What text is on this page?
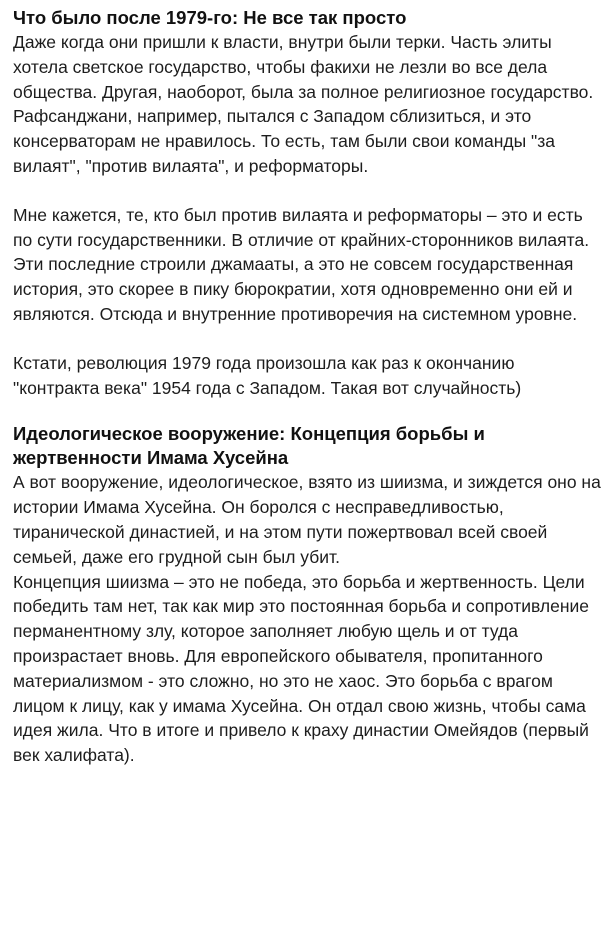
Что было после 1979-го: Не все так просто

Даже когда они пришли к власти, внутри были терки. Часть элиты хотела светское государство, чтобы факихи не лезли во все дела общества. Другая, наоборот, была за полное религиозное государство. Рафсанджани, например, пытался с Западом сблизиться, и это консерваторам не нравилось. То есть, там были свои команды "за вилаят", "против вилаята", и реформаторы.

Мне кажется, те, кто был против вилаята и реформаторы – это и есть по сути государственники. В отличие от крайних-сторонников вилаята. Эти последние строили джамааты, а это не совсем государственная история, это скорее в пику бюрократии, хотя одновременно они ей и являются. Отсюда и внутренние противоречия на системном уровне.

Кстати, революция 1979 года произошла как раз к окончанию "контракта века" 1954 года с Западом. Такая вот случайность)

Идеологическое вооружение: Концепция борьбы и жертвенности Имама Хусейна

А вот вооружение, идеологическое, взято из шиизма, и зиждется оно на истории Имама Хусейна. Он боролся с несправедливостью, тиранической династией, и на этом пути пожертвовал всей своей семьей, даже его грудной сын был убит.

Концепция шиизма – это не победа, это борьба и жертвенность. Цели победить там нет, так как мир это постоянная борьба и сопротивление перманентному злу, которое заполняет любую щель и от туда произрастает вновь. Для европейского обывателя, пропитанного материализмом - это сложно, но это не хаос. Это борьба с врагом лицом к лицу, как у имама Хусейна. Он отдал свою жизнь, чтобы сама идея жила. Что в итоге и привело к краху династии Омейядов (первый век халифата).
